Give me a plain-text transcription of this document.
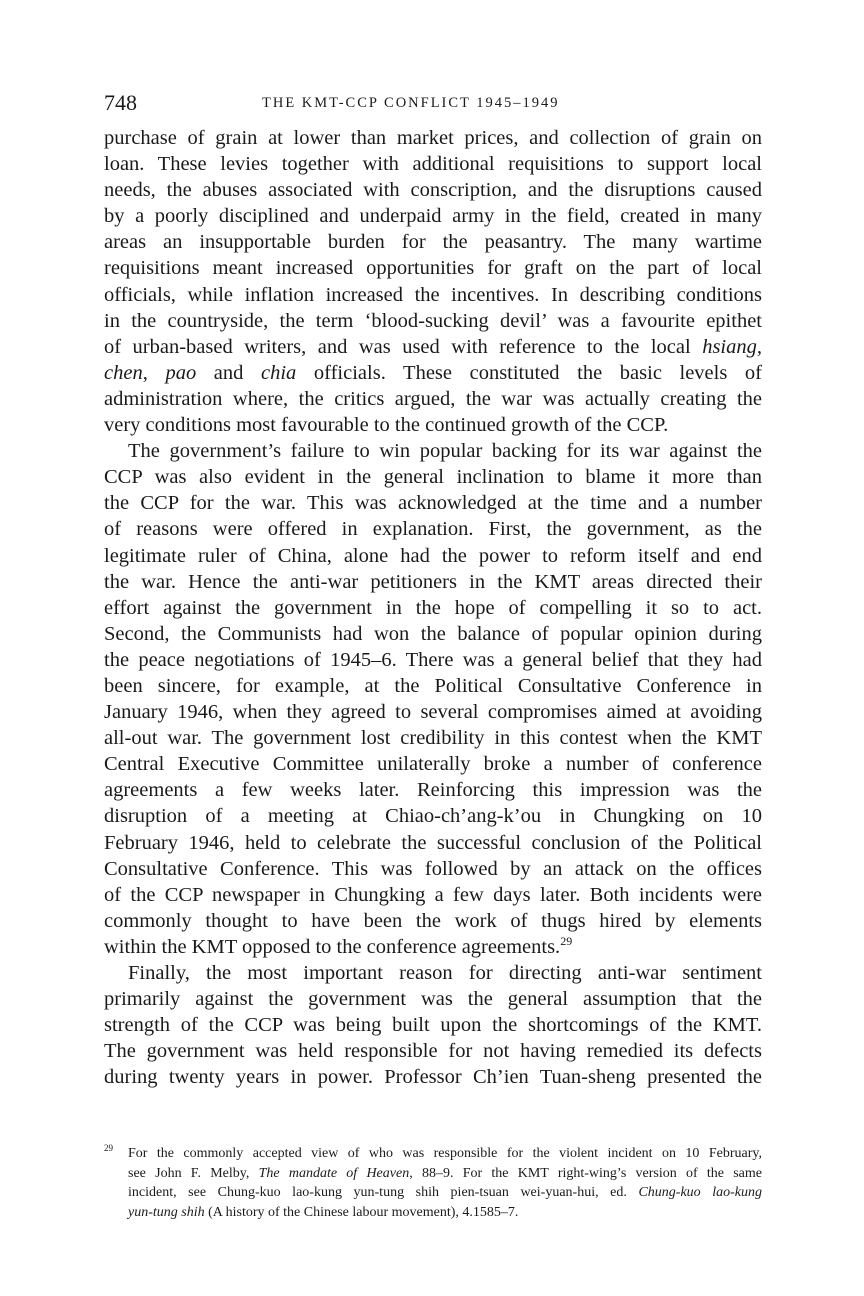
748	THE KMT-CCP CONFLICT 1945–1949
purchase of grain at lower than market prices, and collection of grain on
loan. These levies together with additional requisitions to support local
needs, the abuses associated with conscription, and the disruptions caused
by a poorly disciplined and underpaid army in the field, created in many
areas an insupportable burden for the peasantry. The many wartime
requisitions meant increased opportunities for graft on the part of local
officials, while inflation increased the incentives. In describing conditions
in the countryside, the term ‘blood-sucking devil’ was a favourite epithet
of urban-based writers, and was used with reference to the local hsiang,
chen, pao and chia officials. These constituted the basic levels of
administration where, the critics argued, the war was actually creating the
very conditions most favourable to the continued growth of the CCP.
The government’s failure to win popular backing for its war against the
CCP was also evident in the general inclination to blame it more than
the CCP for the war. This was acknowledged at the time and a number
of reasons were offered in explanation. First, the government, as the
legitimate ruler of China, alone had the power to reform itself and end
the war. Hence the anti-war petitioners in the KMT areas directed their
effort against the government in the hope of compelling it so to act.
Second, the Communists had won the balance of popular opinion during
the peace negotiations of 1945–6. There was a general belief that they had
been sincere, for example, at the Political Consultative Conference in
January 1946, when they agreed to several compromises aimed at avoiding
all-out war. The government lost credibility in this contest when the KMT
Central Executive Committee unilaterally broke a number of conference
agreements a few weeks later. Reinforcing this impression was the
disruption of a meeting at Chiao-ch’ang-k’ou in Chungking on 10
February 1946, held to celebrate the successful conclusion of the Political
Consultative Conference. This was followed by an attack on the offices
of the CCP newspaper in Chungking a few days later. Both incidents were
commonly thought to have been the work of thugs hired by elements
within the KMT opposed to the conference agreements.$^{29}$
Finally, the most important reason for directing anti-war sentiment
primarily against the government was the general assumption that the
strength of the CCP was being built upon the shortcomings of the KMT.
The government was held responsible for not having remedied its defects
during twenty years in power. Professor Ch’ien Tuan-sheng presented the
29 For the commonly accepted view of who was responsible for the violent incident on 10 February,
see John F. Melby, The mandate of Heaven, 88–9. For the KMT right-wing’s version of the same
incident, see Chung-kuo lao-kung yun-tung shih pien-tsuan wei-yuan-hui, ed. Chung-kuo lao-kung
yun-tung shih (A history of the Chinese labour movement), 4.1585–7.
